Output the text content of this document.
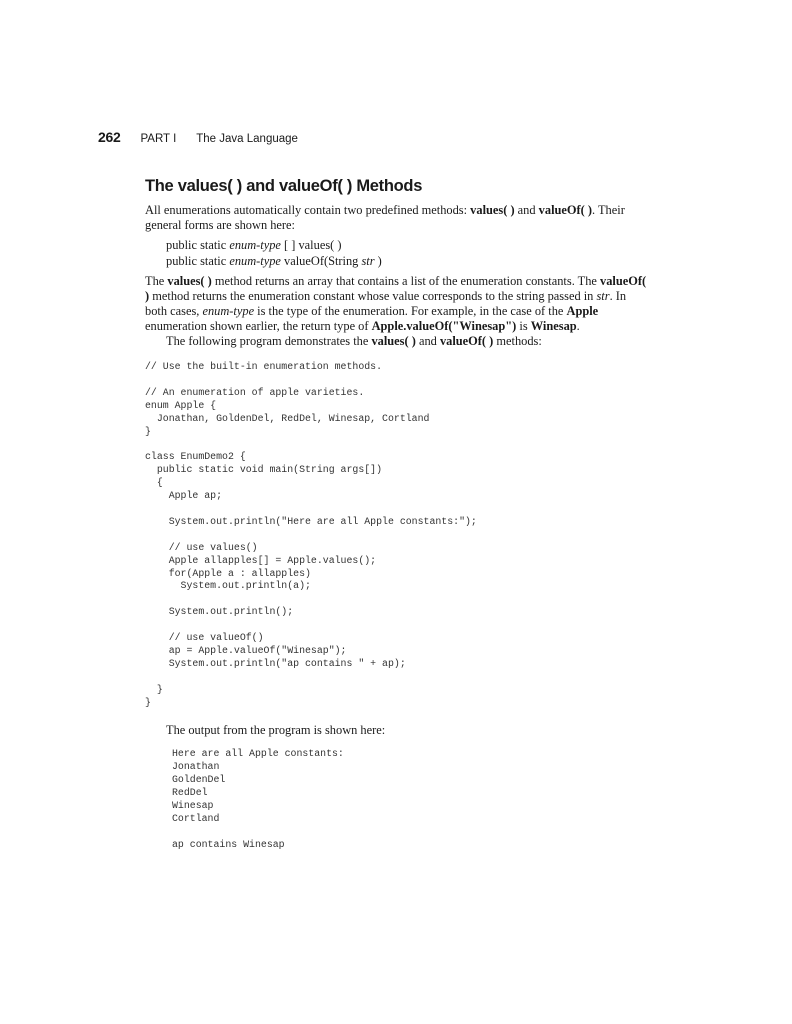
262 PART I The Java Language
The values( ) and valueOf( ) Methods

All enumerations automatically contain two predefined methods: values( ) and valueOf( ). Their general forms are shown here:

public static enum-type [ ] values( )
public static enum-type valueOf(String str )

The values( ) method returns an array that contains a list of the enumeration constants. The valueOf( ) method returns the enumeration constant whose value corresponds to the string passed in str. In both cases, enum-type is the type of the enumeration. For example, in the case of the Apple enumeration shown earlier, the return type of Apple.valueOf("Winesap") is Winesap.

The following program demonstrates the values( ) and valueOf( ) methods:

// Use the built-in enumeration methods.

// An enumeration of apple varieties.
enum Apple {
Jonathan, GoldenDel, RedDel, Winesap, Cortland
}

class EnumDemo2 {
public static void main(String args[])
{
Apple ap;

System.out.println("Here are all Apple constants:");

// use values()
Apple allapples[] = Apple.values();
for(Apple a : allapples)
System.out.println(a);

System.out.println();

// use valueOf()
ap = Apple.valueOf("Winesap");
System.out.println("ap contains " + ap);

}
}

The output from the program is shown here:

Here are all Apple constants:
Jonathan
GoldenDel
RedDel
Winesap
Cortland

ap contains Winesap
